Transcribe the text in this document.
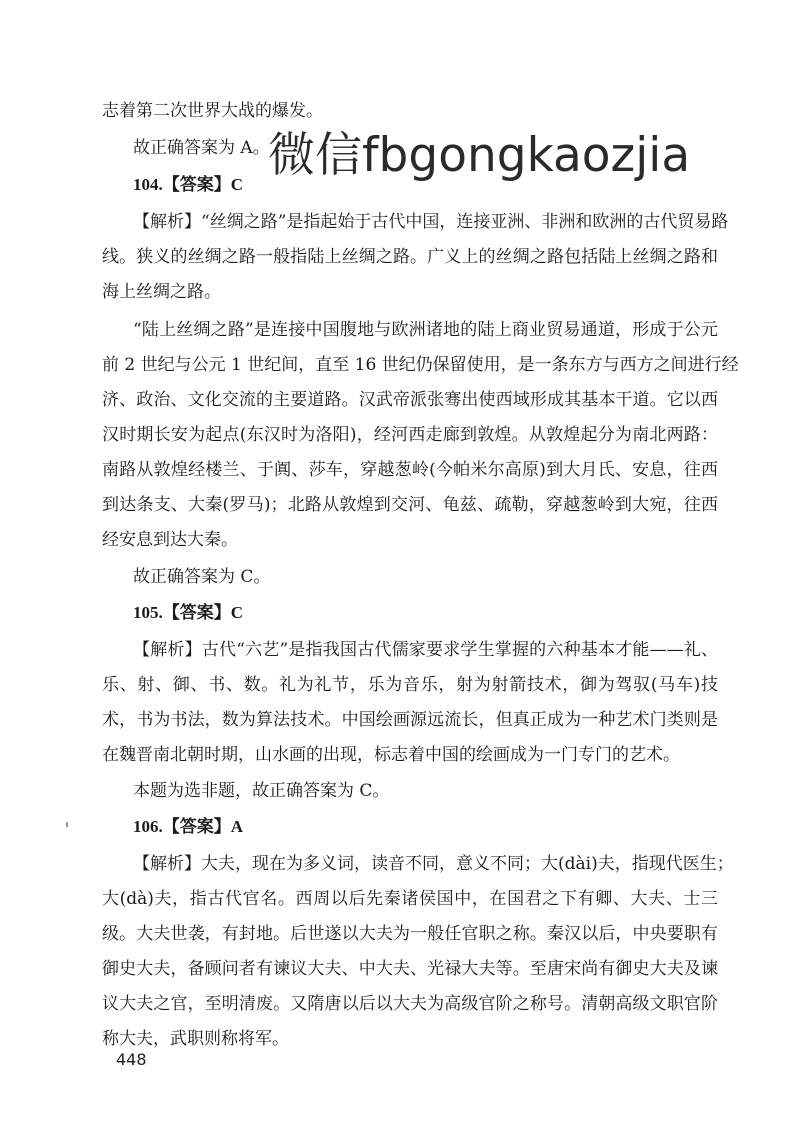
志着第二次世界大战的爆发。
故正确答案为 A。
104.【答案】C
【解析】“丝绸之路”是指起始于古代中国，连接亚洲、非洲和欧洲的古代贸易路
线。狭义的丝绸之路一般指陆上丝绸之路。广义上的丝绸之路包括陆上丝绸之路和
海上丝绸之路。
“陆上丝绸之路”是连接中国腹地与欧洲诸地的陆上商业贸易通道，形成于公元
前 2 世纪与公元 1 世纪间，直至 16 世纪仍保留使用，是一条东方与西方之间进行经
济、政治、文化交流的主要道路。汉武帝派张骞出使西域形成其基本干道。它以西
汉时期长安为起点(东汉时为洛阳)，经河西走廊到敦煌。从敦煌起分为南北两路：
南路从敦煌经楼兰、于阗、莎车，穿越葱岭(今帕米尔高原)到大月氏、安息，往西
到达条支、大秦(罗马)；北路从敦煌到交河、龟兹、疏勒，穿越葱岭到大宛，往西
经安息到达大秦。
故正确答案为 C。
105.【答案】C
【解析】古代“六艺”是指我国古代儒家要求学生掌握的六种基本才能——礼、
乐、射、御、书、数。礼为礼节，乐为音乐，射为射箭技术，御为驾驭(马车)技
术，书为书法，数为算法技术。中国绘画源远流长，但真正成为一种艺术门类则是
在魏晋南北朝时期，山水画的出现，标志着中国的绘画成为一门专门的艺术。
本题为选非题，故正确答案为 C。
106.【答案】A
【解析】大夫，现在为多义词，读音不同，意义不同；大(dài)夫，指现代医生；
大(dà)夫，指古代官名。西周以后先秦诸侯国中，在国君之下有卿、大夫、士三
级。大夫世袭，有封地。后世遂以大夫为一般任官职之称。秦汉以后，中央要职有
御史大夫，备顾问者有谏议大夫、中大夫、光禄大夫等。至唐宋尚有御史大夫及谏
议大夫之官，至明清废。又隋唐以后以大夫为高级官阶之称号。清朝高级文职官阶
称大夫，武职则称将军。
微信fbgongkaozjia
448
